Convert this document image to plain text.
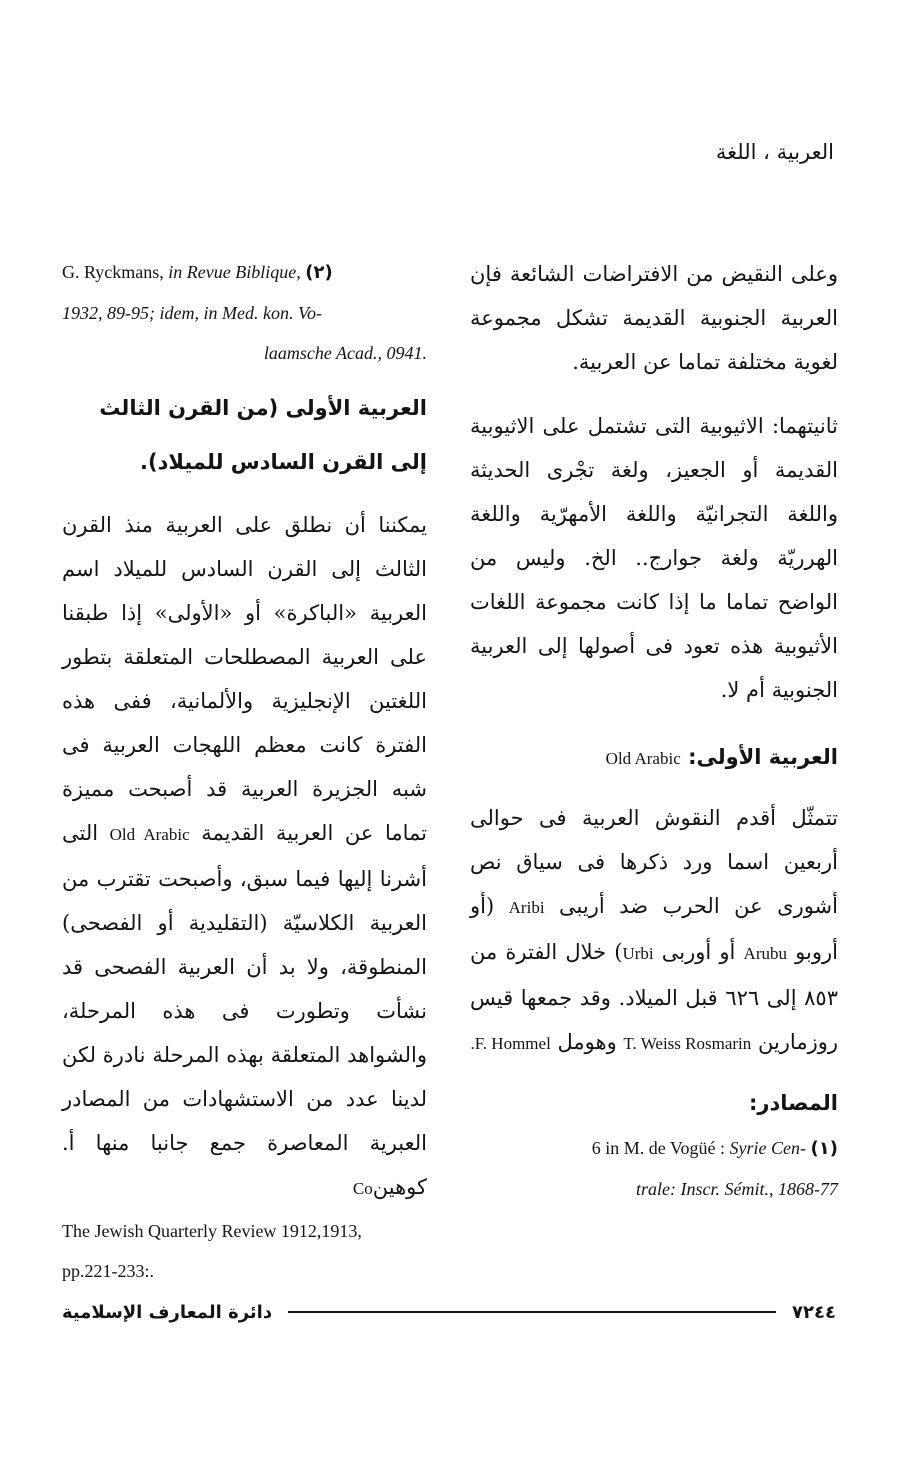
العربية ، اللغة

وعلى النقيض من الافتراضات الشائعة فإن العربية الجنوبية القديمة تشكل مجموعة لغوية مختلفة تماما عن العربية.

ثانيتهما: الاثيوبية التى تشتمل على الاثيوبية القديمة أو الجعيز، ولغة تجْرى الحديثة واللغة التجرانيّة واللغة الأمهرّية واللغة الهرريّة ولغة جوارج.. الخ. وليس من الواضح تماما ما إذا كانت مجموعة اللغات الأثيوبية هذه تعود فى أصولها إلى العربية الجنوبية أم لا.

العربية الأولى: Old Arabic

تتمثّل أقدم النقوش العربية فى حوالى أربعين اسما ورد ذكرها فى سياق نص أشورى عن الحرب ضد أريبى Aribi (أو أروبو Arubu أو أوربى Urbi) خلال الفترة من ٨٥٣ إلى ٦٢٦ قبل الميلاد. وقد جمعها قيس روزمارين T. Weiss Rosmarin وهومل F. Hommel.

المصادر:

6 in M. de Vogüé : Syrie Cen- (١)

trale: Inscr. Sémit., 1868-77

G. Ryckmans, in Revue Biblique, (٢)

1932, 89-95; idem, in Med. kon. Vo-

laamsche Acad., 0941.

العربية الأولى (من القرن الثالث إلى القرن السادس للميلاد).

يمكننا أن نطلق على العربية منذ القرن الثالث إلى القرن السادس للميلاد اسم العربية «الباكرة» أو «الأولى» إذا طبقنا على العربية المصطلحات المتعلقة بتطور اللغتين الإنجليزية والألمانية، ففى هذه الفترة كانت معظم اللهجات العربية فى شبه الجزيرة العربية قد أصبحت مميزة تماما عن العربية القديمة Old Arabic التى أشرنا إليها فيما سبق، وأصبحت تقترب من العربية الكلاسيّة (التقليدية أو الفصحى) المنطوقة، ولا بد أن العربية الفصحى قد نشأت وتطورت فى هذه المرحلة، والشواهد المتعلقة بهذه المرحلة نادرة لكن لدينا عدد من الاستشهادات من المصادر العبرية المعاصرة جمع جانبا منها أ. كوهينCo

The Jewish Quarterly Review 1912,1913,

pp.221-233:.

٧٢٤٤
دائرة المعارف الإسلامية
